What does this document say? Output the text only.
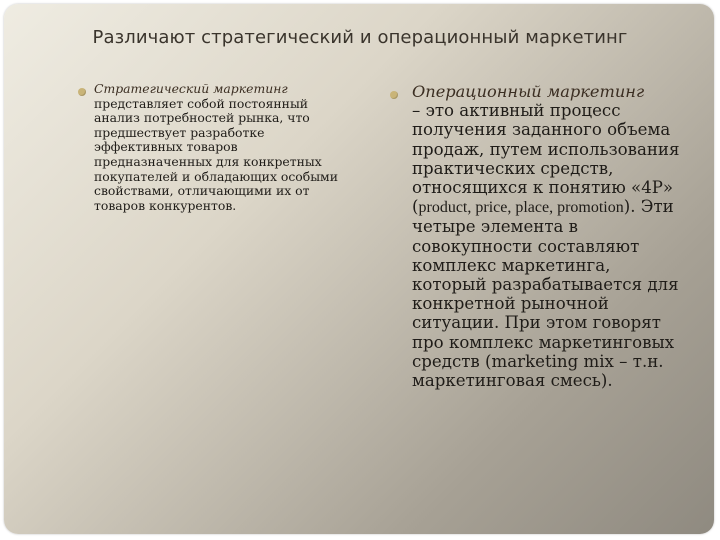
Различают стратегический и операционный маркетинг
Стратегический маркетинг
представляет собой постоянный анализ потребностей рынка, что предшествует разработке эффективных товаров предназначенных для конкретных покупателей и обладающих особыми свойствами, отличающими их от товаров конкурентов.
Операционный маркетинг
– это активный процесс получения заданного объема продаж, путем использования практических средств, относящихся к понятию «4P» (product, price, place, promotion). Эти четыре элемента в совокупности составляют комплекс маркетинга, который разрабатывается для конкретной рыночной ситуации. При этом говорят про комплекс маркетинговых средств (marketing mix – т.н. маркетинговая смесь).
